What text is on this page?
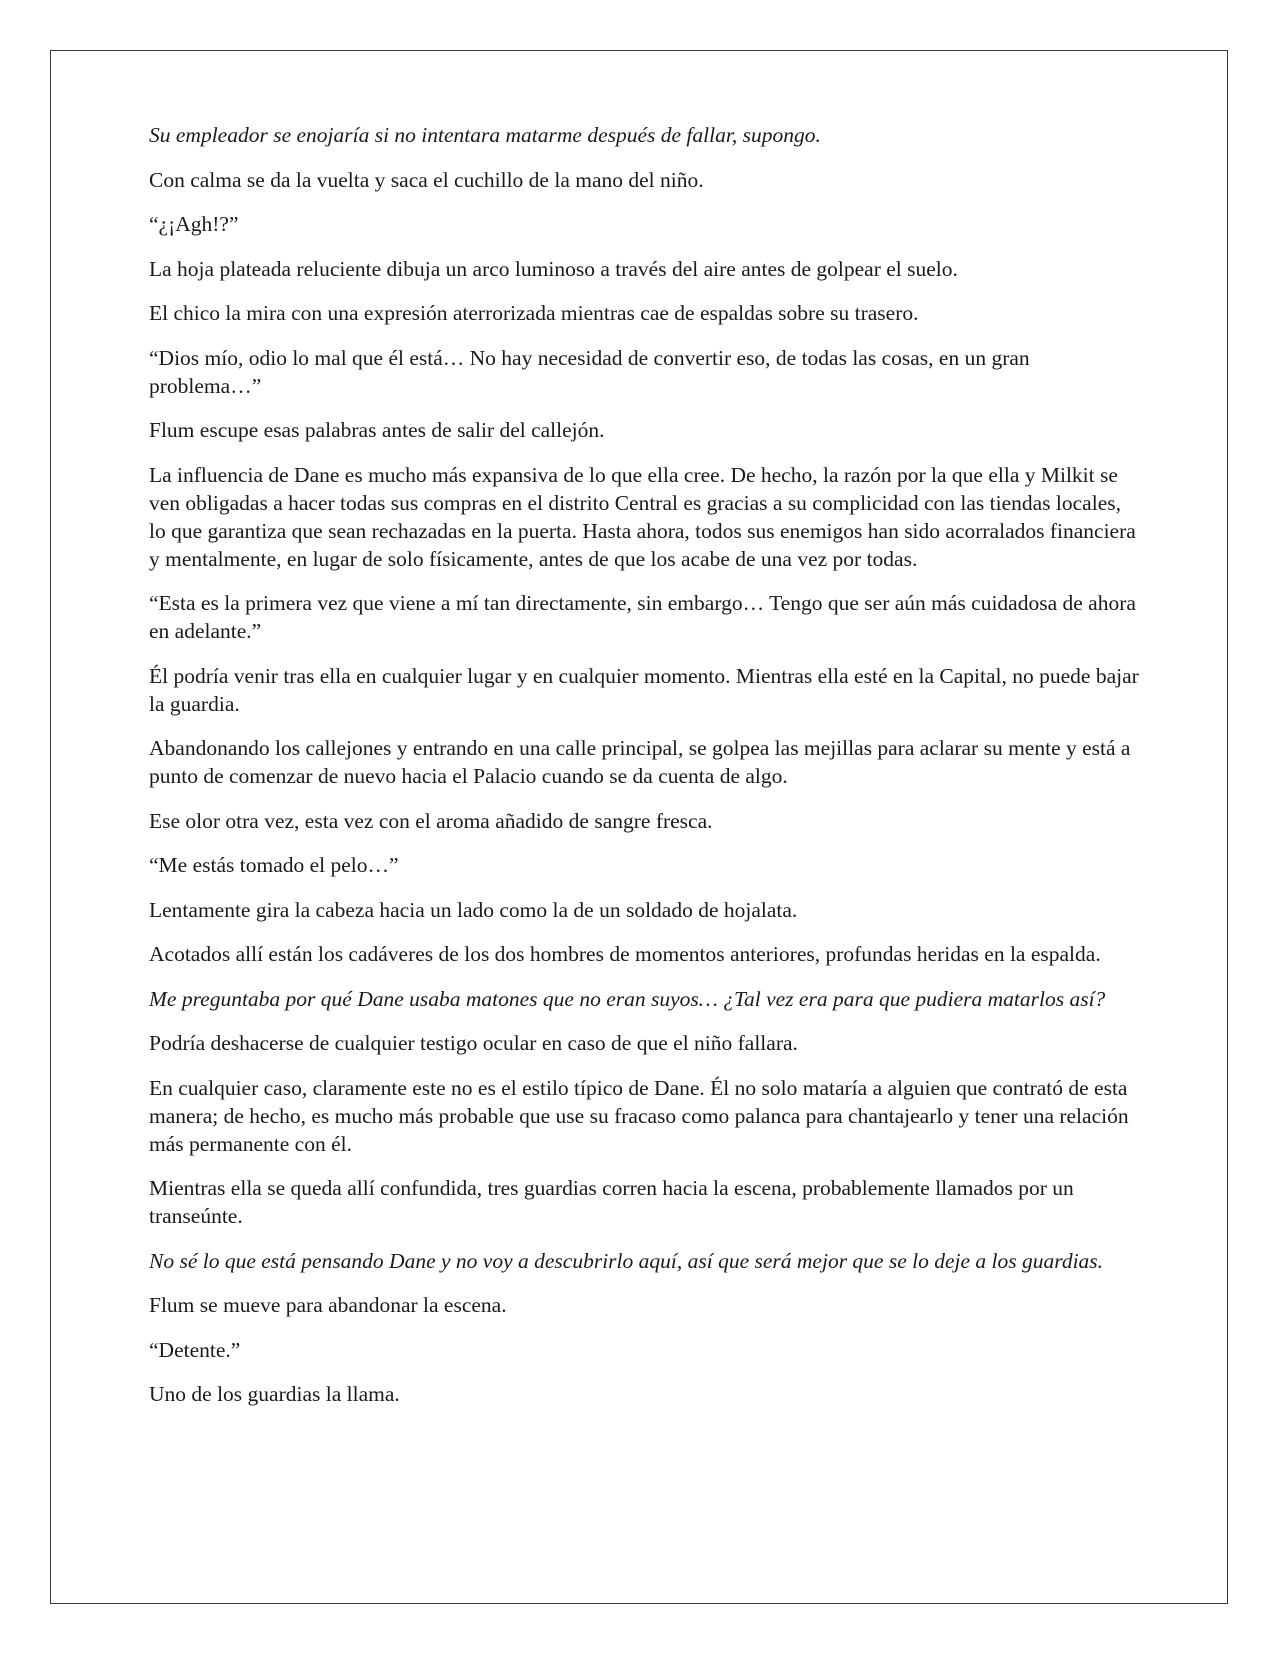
Su empleador se enojaría si no intentara matarme después de fallar, supongo.

Con calma se da la vuelta y saca el cuchillo de la mano del niño.

“¿¡Agh!?”

La hoja plateada reluciente dibuja un arco luminoso a través del aire antes de golpear el suelo.

El chico la mira con una expresión aterrorizada mientras cae de espaldas sobre su trasero.

“Dios mío, odio lo mal que él está… No hay necesidad de convertir eso, de todas las cosas, en un gran problema…”

Flum escupe esas palabras antes de salir del callejón.

La influencia de Dane es mucho más expansiva de lo que ella cree. De hecho, la razón por la que ella y Milkit se ven obligadas a hacer todas sus compras en el distrito Central es gracias a su complicidad con las tiendas locales, lo que garantiza que sean rechazadas en la puerta. Hasta ahora, todos sus enemigos han sido acorralados financiera y mentalmente, en lugar de solo físicamente, antes de que los acabe de una vez por todas.

“Esta es la primera vez que viene a mí tan directamente, sin embargo… Tengo que ser aún más cuidadosa de ahora en adelante.”

Él podría venir tras ella en cualquier lugar y en cualquier momento. Mientras ella esté en la Capital, no puede bajar la guardia.

Abandonando los callejones y entrando en una calle principal, se golpea las mejillas para aclarar su mente y está a punto de comenzar de nuevo hacia el Palacio cuando se da cuenta de algo.

Ese olor otra vez, esta vez con el aroma añadido de sangre fresca.

“Me estás tomado el pelo…”

Lentamente gira la cabeza hacia un lado como la de un soldado de hojalata.

Acotados allí están los cadáveres de los dos hombres de momentos anteriores, profundas heridas en la espalda.

Me preguntaba por qué Dane usaba matones que no eran suyos… ¿Tal vez era para que pudiera matarlos así?

Podría deshacerse de cualquier testigo ocular en caso de que el niño fallara.

En cualquier caso, claramente este no es el estilo típico de Dane. Él no solo mataría a alguien que contrató de esta manera; de hecho, es mucho más probable que use su fracaso como palanca para chantajearlo y tener una relación más permanente con él.

Mientras ella se queda allí confundida, tres guardias corren hacia la escena, probablemente llamados por un transeúnte.

No sé lo que está pensando Dane y no voy a descubrirlo aquí, así que será mejor que se lo deje a los guardias.

Flum se mueve para abandonar la escena.

“Detente.”

Uno de los guardias la llama.
